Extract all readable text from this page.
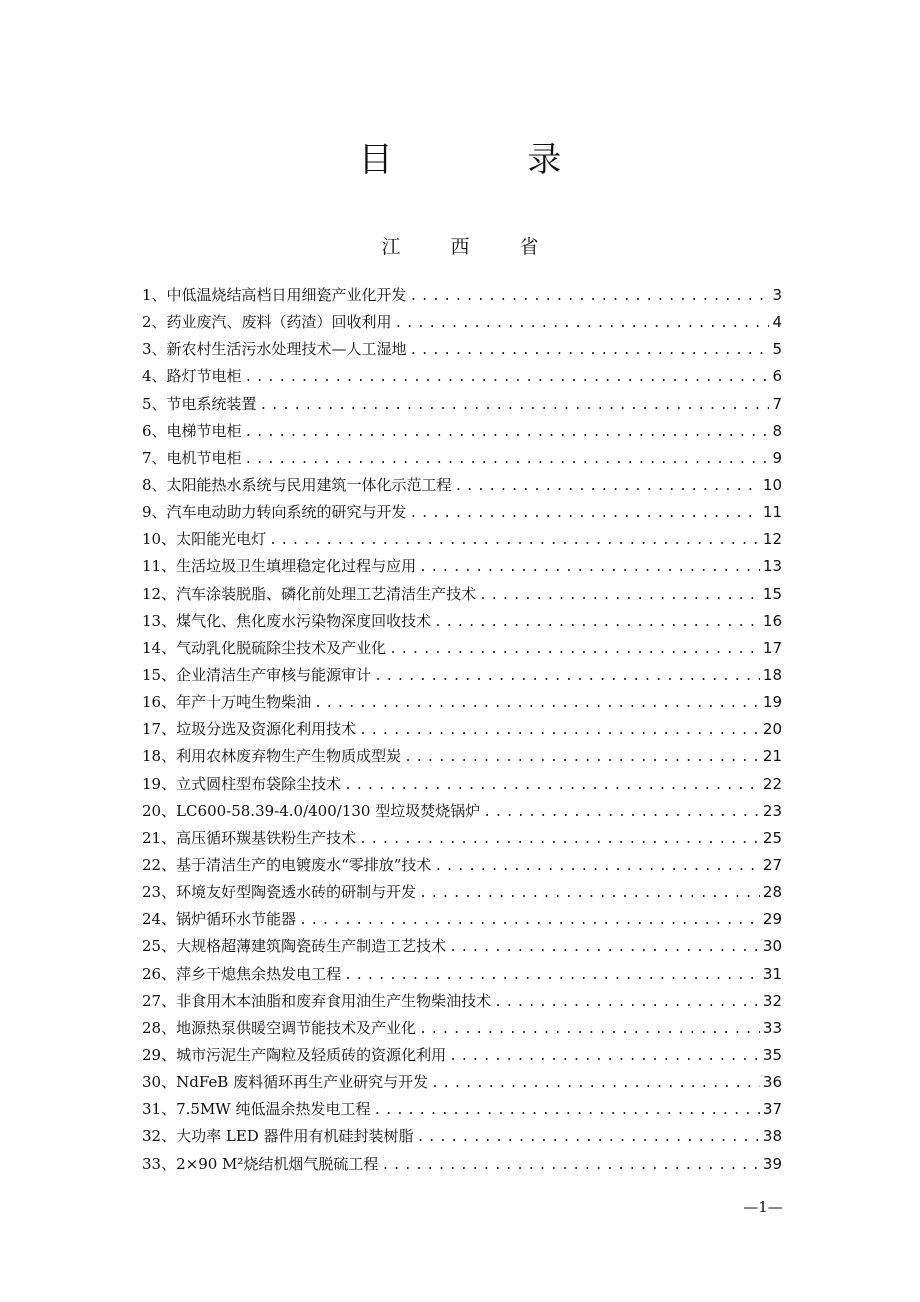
目 录
江 西 省
1、中低温烧结高档日用细瓷产业化开发 .....	3
2、药业废汽、废料（药渣）回收利用 .....	4
3、新农村生活污水处理技术—人工湿地 .....	5
4、路灯节电柜 .....	6
5、节电系统装置 .....	7
6、电梯节电柜 .....	8
7、电机节电柜 .....	9
8、太阳能热水系统与民用建筑一体化示范工程 .....	10
9、汽车电动助力转向系统的研究与开发 .....	11
10、太阳能光电灯 .....	12
11、生活垃圾卫生填埋稳定化过程与应用 .....	13
12、汽车涂装脱脂、磷化前处理工艺清洁生产技术 .....	15
13、煤气化、焦化废水污染物深度回收技术 .....	16
14、气动乳化脱硫除尘技术及产业化 .....	17
15、企业清洁生产审核与能源审计 .....	18
16、年产十万吨生物柴油 .....	19
17、垃圾分选及资源化利用技术 .....	20
18、利用农林废弃物生产生物质成型炭 .....	21
19、立式圆柱型布袋除尘技术 .....	22
20、LC600-58.39-4.0/400/130 型垃圾焚烧锅炉 .....	23
21、高压循环羰基铁粉生产技术 .....	25
22、基于清洁生产的电镀废水“零排放”技术 .....	27
23、环境友好型陶瓷透水砖的研制与开发 .....	28
24、锅炉循环水节能器 .....	29
25、大规格超薄建筑陶瓷砖生产制造工艺技术 .....	30
26、萍乡干熄焦余热发电工程 .....	31
27、非食用木本油脂和废弃食用油生产生物柴油技术 .....	32
28、地源热泵供暖空调节能技术及产业化 .....	33
29、城市污泥生产陶粒及轻质砖的资源化利用 .....	35
30、NdFeB 废料循环再生产业研究与开发 .....	36
31、7.5MW 纯低温余热发电工程 .....	37
32、大功率 LED 器件用有机硅封装树脂 .....	38
33、2×90 M²烧结机烟气脱硫工程 .....	39
—1—
